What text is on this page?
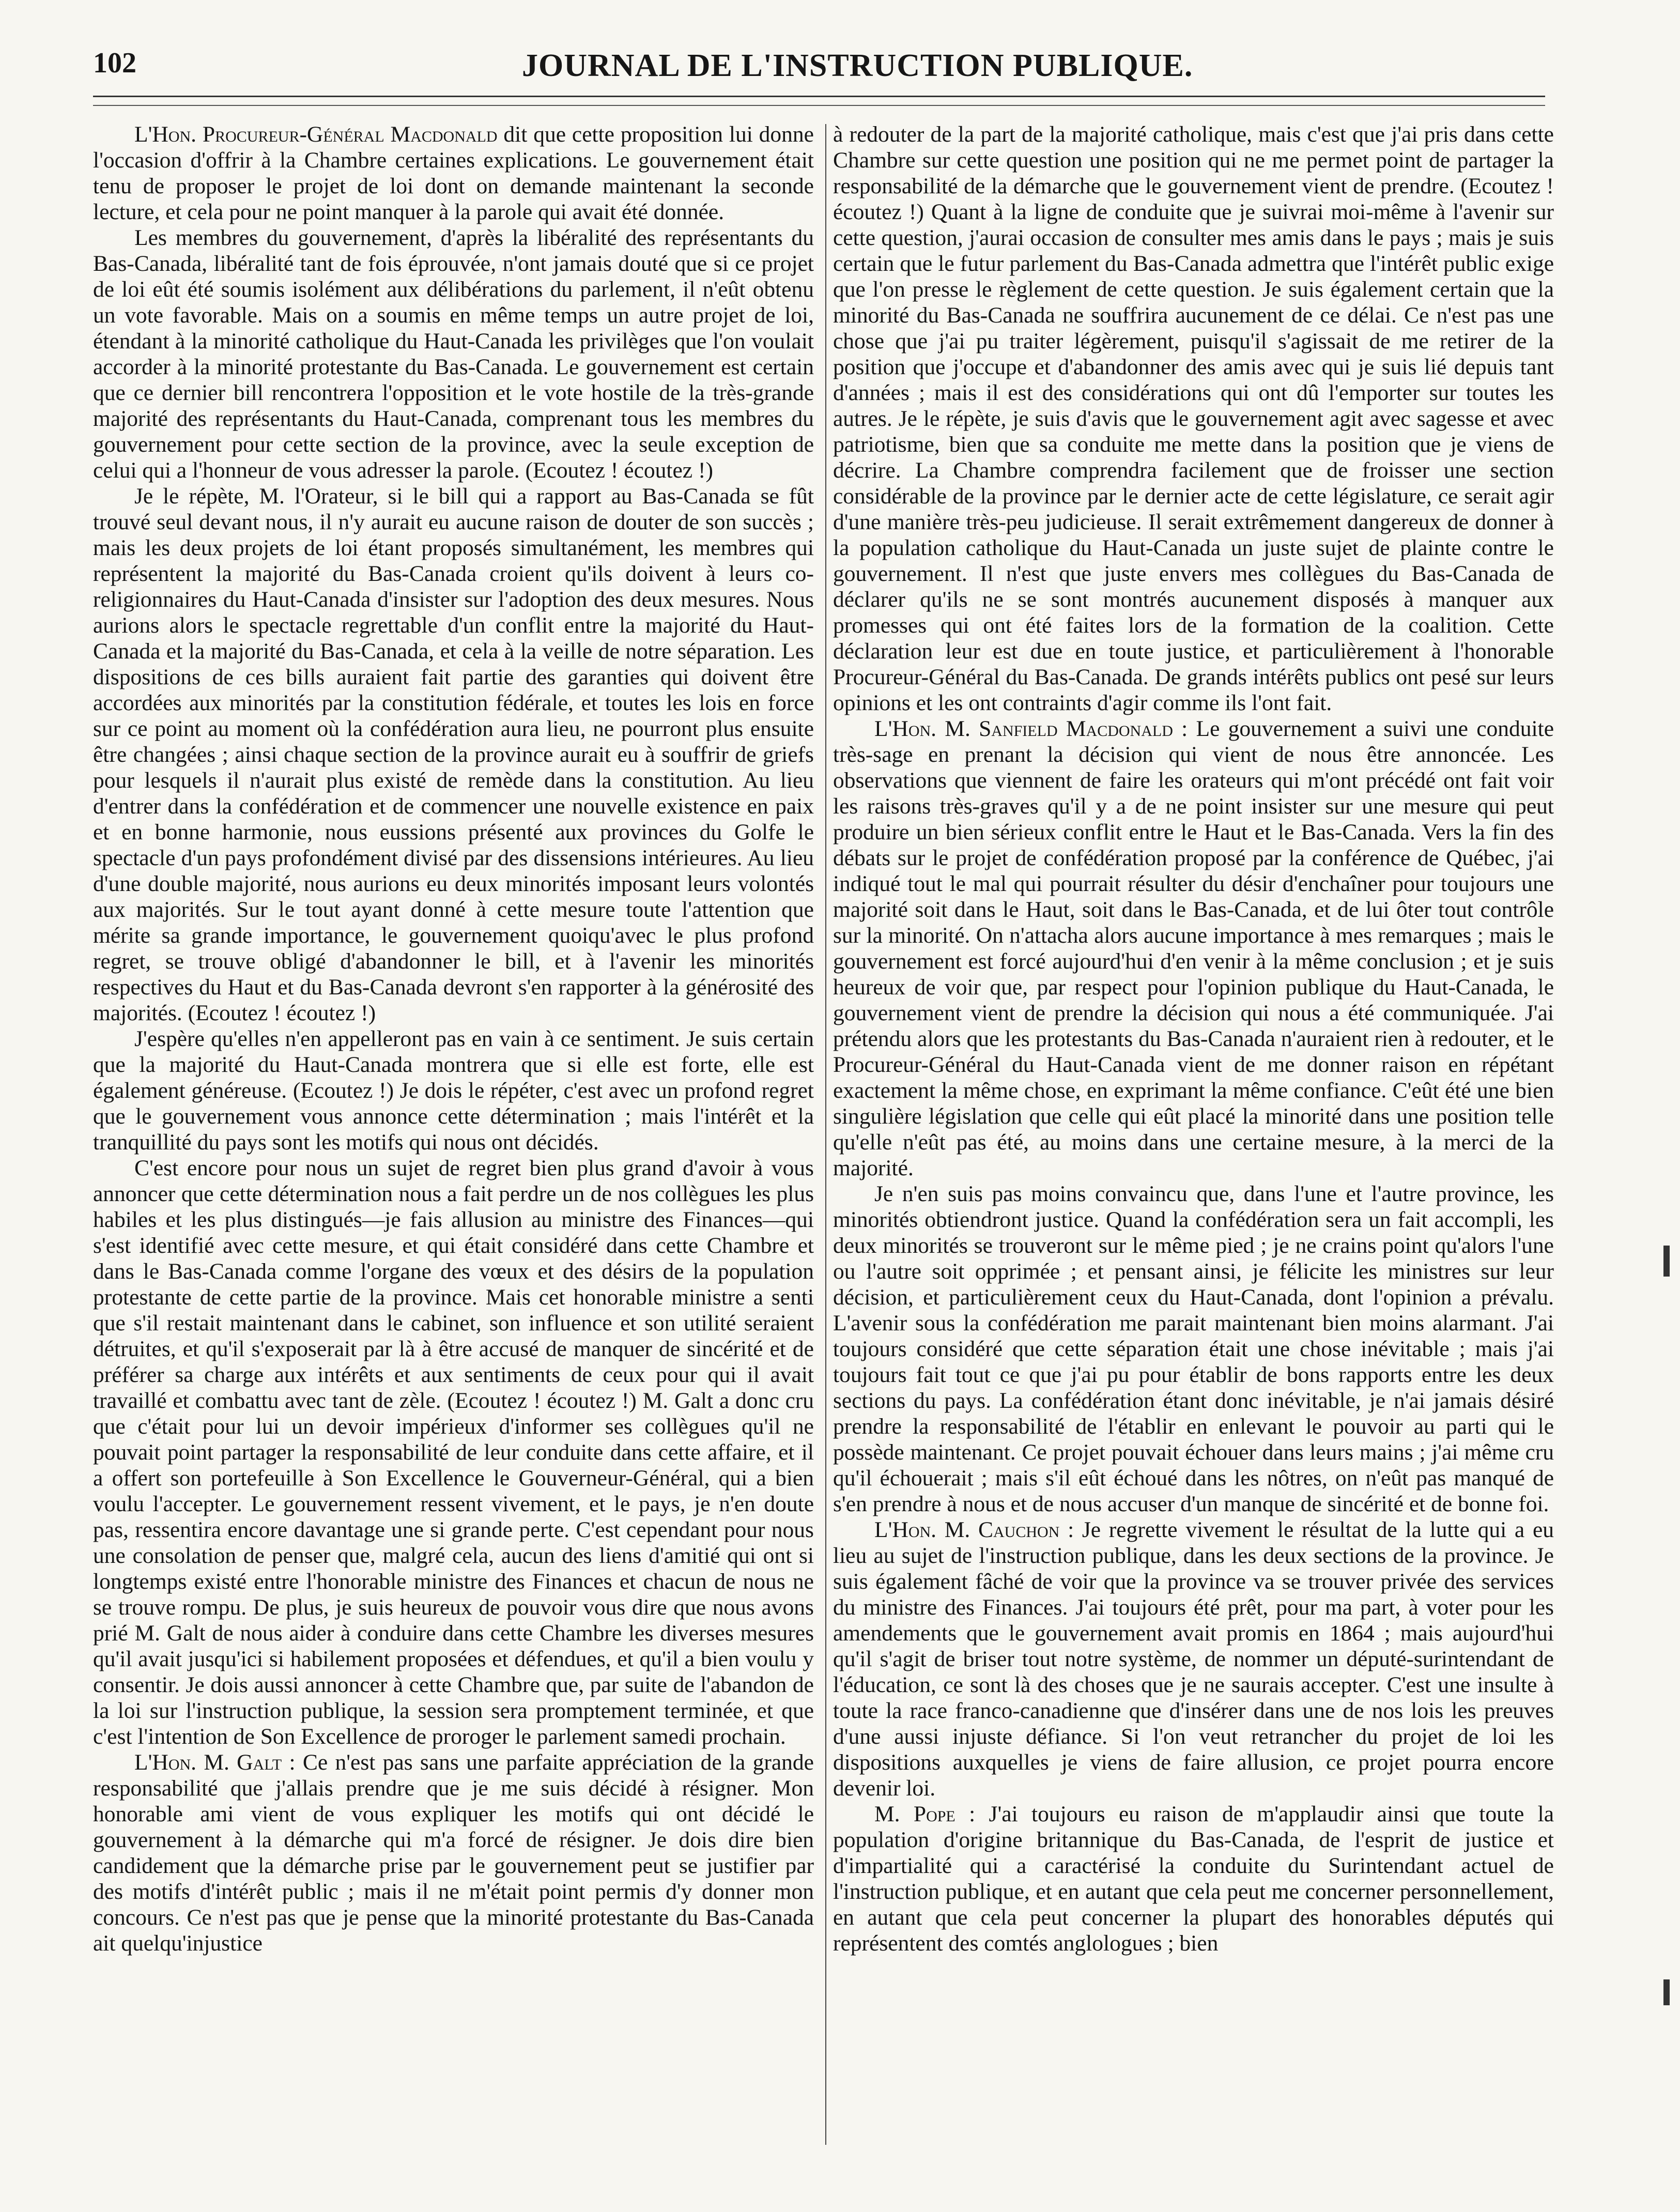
102	JOURNAL DE L'INSTRUCTION PUBLIQUE.

L'Hon. Procureur-Général Macdonald dit que cette proposition lui donne l'occasion d'offrir à la Chambre certaines explications. Le gouvernement était tenu de proposer le projet de loi dont on demande maintenant la seconde lecture, et cela pour ne point manquer à la parole qui avait été donnée.

Les membres du gouvernement, d'après la libéralité des représentants du Bas-Canada, libéralité tant de fois éprouvée, n'ont jamais douté que si ce projet de loi eût été soumis isolément aux délibérations du parlement, il n'eût obtenu un vote favorable. Mais on a soumis en même temps un autre projet de loi, étendant à la minorité catholique du Haut-Canada les privilèges que l'on voulait accorder à la minorité protestante du Bas-Canada. Le gouvernement est certain que ce dernier bill rencontrera l'opposition et le vote hostile de la très-grande majorité des représentants du Haut-Canada, comprenant tous les membres du gouvernement pour cette section de la province, avec la seule exception de celui qui a l'honneur de vous adresser la parole. (Ecoutez ! écoutez !)

Je le répète, M. l'Orateur, si le bill qui a rapport au Bas-Canada se fût trouvé seul devant nous, il n'y aurait eu aucune raison de douter de son succès ; mais les deux projets de loi étant proposés simultanément, les membres qui représentent la majorité du Bas-Canada croient qu'ils doivent à leurs co-religionnaires du Haut-Canada d'insister sur l'adoption des deux mesures. Nous aurions alors le spectacle regrettable d'un conflit entre la majorité du Haut-Canada et la majorité du Bas-Canada, et cela à la veille de notre séparation. Les dispositions de ces bills auraient fait partie des garanties qui doivent être accordées aux minorités par la constitution fédérale, et toutes les lois en force sur ce point au moment où la confédération aura lieu, ne pourront plus ensuite être changées ; ainsi chaque section de la province aurait eu à souffrir de griefs pour lesquels il n'aurait plus existé de remède dans la constitution. Au lieu d'entrer dans la confédération et de commencer une nouvelle existence en paix et en bonne harmonie, nous eussions présenté aux provinces du Golfe le spectacle d'un pays profondément divisé par des dissensions intérieures. Au lieu d'une double majorité, nous aurions eu deux minorités imposant leurs volontés aux majorités. Sur le tout ayant donné à cette mesure toute l'attention que mérite sa grande importance, le gouvernement quoiqu'avec le plus profond regret, se trouve obligé d'abandonner le bill, et à l'avenir les minorités respectives du Haut et du Bas-Canada devront s'en rapporter à la générosité des majorités. (Ecoutez ! écoutez !)

J'espère qu'elles n'en appelleront pas en vain à ce sentiment. Je suis certain que la majorité du Haut-Canada montrera que si elle est forte, elle est également généreuse. (Ecoutez !) Je dois le répéter, c'est avec un profond regret que le gouvernement vous annonce cette détermination ; mais l'intérêt et la tranquillité du pays sont les motifs qui nous ont décidés.

C'est encore pour nous un sujet de regret bien plus grand d'avoir à vous annoncer que cette détermination nous a fait perdre un de nos collègues les plus habiles et les plus distingués—je fais allusion au ministre des Finances—qui s'est identifié avec cette mesure, et qui était considéré dans cette Chambre et dans le Bas-Canada comme l'organe des vœux et des désirs de la population protestante de cette partie de la province. Mais cet honorable ministre a senti que s'il restait maintenant dans le cabinet, son influence et son utilité seraient détruites, et qu'il s'exposerait par là à être accusé de manquer de sincérité et de préférer sa charge aux intérêts et aux sentiments de ceux pour qui il avait travaillé et combattu avec tant de zèle. (Ecoutez ! écoutez !) M. Galt a donc cru que c'était pour lui un devoir impérieux d'informer ses collègues qu'il ne pouvait point partager la responsabilité de leur conduite dans cette affaire, et il a offert son portefeuille à Son Excellence le Gouverneur-Général, qui a bien voulu l'accepter. Le gouvernement ressent vivement, et le pays, je n'en doute pas, ressentira encore davantage une si grande perte. C'est cependant pour nous une consolation de penser que, malgré cela, aucun des liens d'amitié qui ont si longtemps existé entre l'honorable ministre des Finances et chacun de nous ne se trouve rompu. De plus, je suis heureux de pouvoir vous dire que nous avons prié M. Galt de nous aider à conduire dans cette Chambre les diverses mesures qu'il avait jusqu'ici si habilement proposées et défendues, et qu'il a bien voulu y consentir. Je dois aussi annoncer à cette Chambre que, par suite de l'abandon de la loi sur l'instruction publique, la session sera promptement terminée, et que c'est l'intention de Son Excellence de proroger le parlement samedi prochain.

L'Hon. M. Galt : Ce n'est pas sans une parfaite appréciation de la grande responsabilité que j'allais prendre que je me suis décidé à résigner. Mon honorable ami vient de vous expliquer les motifs qui ont décidé le gouvernement à la démarche qui m'a forcé de résigner. Je dois dire bien candidement que la démarche prise par le gouvernement peut se justifier par des motifs d'intérêt public ; mais il ne m'était point permis d'y donner mon concours. Ce n'est pas que je pense que la minorité protestante du Bas-Canada ait quelqu'injustice

à redouter de la part de la majorité catholique, mais c'est que j'ai pris dans cette Chambre sur cette question une position qui ne me permet point de partager la responsabilité de la démarche que le gouvernement vient de prendre. (Ecoutez ! écoutez !) Quant à la ligne de conduite que je suivrai moi-même à l'avenir sur cette question, j'aurai occasion de consulter mes amis dans le pays ; mais je suis certain que le futur parlement du Bas-Canada admettra que l'intérêt public exige que l'on presse le règlement de cette question. Je suis également certain que la minorité du Bas-Canada ne souffrira aucunement de ce délai. Ce n'est pas une chose que j'ai pu traiter légèrement, puisqu'il s'agissait de me retirer de la position que j'occupe et d'abandonner des amis avec qui je suis lié depuis tant d'années ; mais il est des considérations qui ont dû l'emporter sur toutes les autres. Je le répète, je suis d'avis que le gouvernement agit avec sagesse et avec patriotisme, bien que sa conduite me mette dans la position que je viens de décrire. La Chambre comprendra facilement que de froisser une section considérable de la province par le dernier acte de cette législature, ce serait agir d'une manière très-peu judicieuse. Il serait extrêmement dangereux de donner à la population catholique du Haut-Canada un juste sujet de plainte contre le gouvernement. Il n'est que juste envers mes collègues du Bas-Canada de déclarer qu'ils ne se sont montrés aucunement disposés à manquer aux promesses qui ont été faites lors de la formation de la coalition. Cette déclaration leur est due en toute justice, et particulièrement à l'honorable Procureur-Général du Bas-Canada. De grands intérêts publics ont pesé sur leurs opinions et les ont contraints d'agir comme ils l'ont fait.

L'Hon. M. Sanfield Macdonald : Le gouvernement a suivi une conduite très-sage en prenant la décision qui vient de nous être annoncée. Les observations que viennent de faire les orateurs qui m'ont précédé ont fait voir les raisons très-graves qu'il y a de ne point insister sur une mesure qui peut produire un bien sérieux conflit entre le Haut et le Bas-Canada. Vers la fin des débats sur le projet de confédération proposé par la conférence de Québec, j'ai indiqué tout le mal qui pourrait résulter du désir d'enchaîner pour toujours une majorité soit dans le Haut, soit dans le Bas-Canada, et de lui ôter tout contrôle sur la minorité. On n'attacha alors aucune importance à mes remarques ; mais le gouvernement est forcé aujourd'hui d'en venir à la même conclusion ; et je suis heureux de voir que, par respect pour l'opinion publique du Haut-Canada, le gouvernement vient de prendre la décision qui nous a été communiquée. J'ai prétendu alors que les protestants du Bas-Canada n'auraient rien à redouter, et le Procureur-Général du Haut-Canada vient de me donner raison en répétant exactement la même chose, en exprimant la même confiance. C'eût été une bien singulière législation que celle qui eût placé la minorité dans une position telle qu'elle n'eût pas été, au moins dans une certaine mesure, à la merci de la majorité.

Je n'en suis pas moins convaincu que, dans l'une et l'autre province, les minorités obtiendront justice. Quand la confédération sera un fait accompli, les deux minorités se trouveront sur le même pied ; je ne crains point qu'alors l'une ou l'autre soit opprimée ; et pensant ainsi, je félicite les ministres sur leur décision, et particulièrement ceux du Haut-Canada, dont l'opinion a prévalu. L'avenir sous la confédération me parait maintenant bien moins alarmant. J'ai toujours considéré que cette séparation était une chose inévitable ; mais j'ai toujours fait tout ce que j'ai pu pour établir de bons rapports entre les deux sections du pays. La confédération étant donc inévitable, je n'ai jamais désiré prendre la responsabilité de l'établir en enlevant le pouvoir au parti qui le possède maintenant. Ce projet pouvait échouer dans leurs mains ; j'ai même cru qu'il échouerait ; mais s'il eût échoué dans les nôtres, on n'eût pas manqué de s'en prendre à nous et de nous accuser d'un manque de sincérité et de bonne foi.

L'Hon. M. Cauchon : Je regrette vivement le résultat de la lutte qui a eu lieu au sujet de l'instruction publique, dans les deux sections de la province. Je suis également fâché de voir que la province va se trouver privée des services du ministre des Finances. J'ai toujours été prêt, pour ma part, à voter pour les amendements que le gouvernement avait promis en 1864 ; mais aujourd'hui qu'il s'agit de briser tout notre système, de nommer un député-surintendant de l'éducation, ce sont là des choses que je ne saurais accepter. C'est une insulte à toute la race franco-canadienne que d'insérer dans une de nos lois les preuves d'une aussi injuste défiance. Si l'on veut retrancher du projet de loi les dispositions auxquelles je viens de faire allusion, ce projet pourra encore devenir loi.

M. Pope : J'ai toujours eu raison de m'applaudir ainsi que toute la population d'origine britannique du Bas-Canada, de l'esprit de justice et d'impartialité qui a caractérisé la conduite du Surintendant actuel de l'instruction publique, et en autant que cela peut me concerner personnellement, en autant que cela peut concerner la plupart des honorables députés qui représentent des comtés anglologues ; bien
